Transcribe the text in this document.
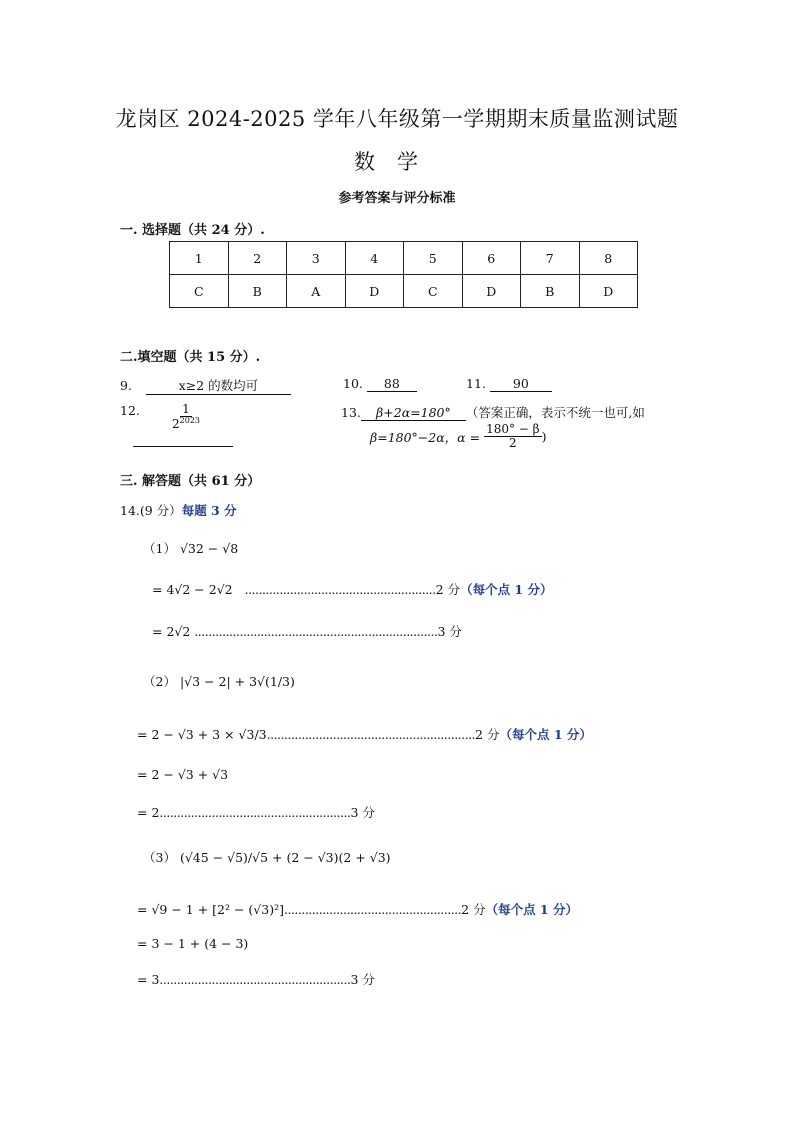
龙岗区 2024-2025 学年八年级第一学期期末质量监测试题
数学
参考答案与评分标准
一. 选择题（共 24 分）.
1	2	3	4	5	6	7	8
C	B	A	D	C	D	B	D
二.填空题（共 15 分）.
9.	x≥2 的数均可	10. 88	11. 90
12.	$\frac{1}{2^{2023}}$	13. β+2α=180° （答案正确，表示不统一也可,如
β=180°−2α，$\alpha = \frac{180^\circ - \beta}{2}$ )
三. 解答题（共 61 分）
14.(9 分）每题 3 分
（1） √32 − √8
= 4√2 − 2√2 .......................................................2 分（每个点 1 分）
= 2√2 ......................................................................3 分
（2） |√3 − 2| + 3√(1/3)
= 2 − √3 + 3 × √3/3............................................................2 分（每个点 1 分）
= 2 − √3 + √3
= 2.......................................................3 分
（3） (√45 − √5)/√5 + (2 − √3)(2 + √3)
= √9 − 1 + [2² − (√3)²]...................................................2 分（每个点 1 分）
= 3 − 1 + (4 − 3)
= 3.......................................................3 分
